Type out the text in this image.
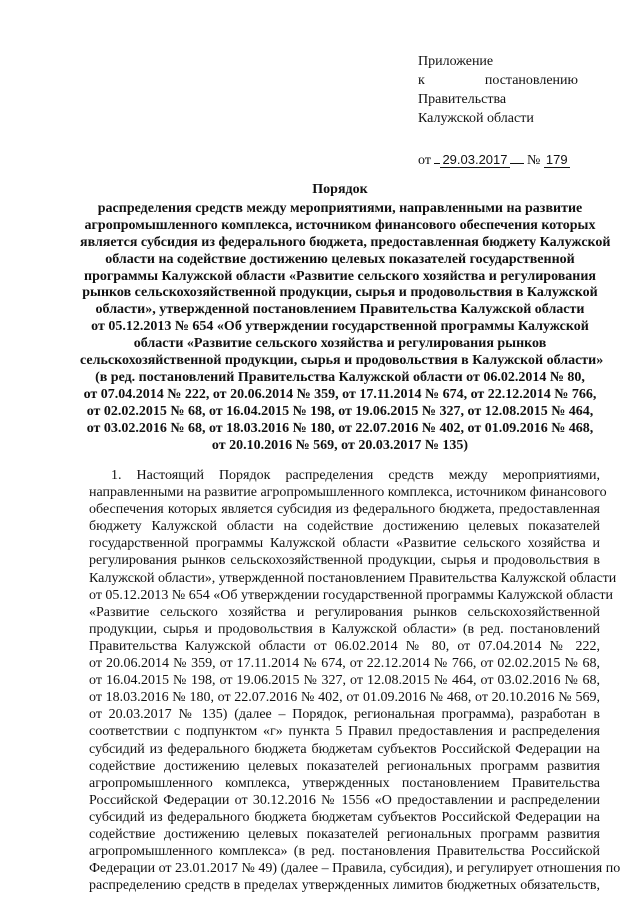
Приложение
к	постановлению
Правительства
Калужской области
от 29.03.2017 № 179
Порядок
распределения средств между мероприятиями, направленными на развитие
агропромышленного комплекса, источником финансового обеспечения которых
является субсидия из федерального бюджета, предоставленная бюджету Калужской
области на содействие достижению целевых показателей государственной
программы Калужской области «Развитие сельского хозяйства и регулирования
рынков сельскохозяйственной продукции, сырья и продовольствия в Калужской
области», утвержденной постановлением Правительства Калужской области
от 05.12.2013 № 654 «Об утверждении государственной программы Калужской
области «Развитие сельского хозяйства и регулирования рынков
сельскохозяйственной продукции, сырья и продовольствия в Калужской области»
(в ред. постановлений Правительства Калужской области от 06.02.2014 № 80,
от 07.04.2014 № 222, от 20.06.2014 № 359, от 17.11.2014 № 674, от 22.12.2014 № 766,
от 02.02.2015 № 68, от 16.04.2015 № 198, от 19.06.2015 № 327, от 12.08.2015 № 464,
от 03.02.2016 № 68, от 18.03.2016 № 180, от 22.07.2016 № 402, от 01.09.2016 № 468,
от 20.10.2016 № 569, от 20.03.2017 № 135)
1. Настоящий Порядок распределения средств между мероприятиями,
направленными на развитие агропромышленного комплекса, источником финансового
обеспечения которых является субсидия из федерального бюджета, предоставленная
бюджету Калужской области на содействие достижению целевых показателей
государственной программы Калужской области «Развитие сельского хозяйства и
регулирования рынков сельскохозяйственной продукции, сырья и продовольствия в
Калужской области», утвержденной постановлением Правительства Калужской области
от 05.12.2013 № 654 «Об утверждении государственной программы Калужской области
«Развитие сельского хозяйства и регулирования рынков сельскохозяйственной
продукции, сырья и продовольствия в Калужской области» (в ред. постановлений
Правительства Калужской области от 06.02.2014 № 80, от 07.04.2014 № 222,
от 20.06.2014 № 359, от 17.11.2014 № 674, от 22.12.2014 № 766, от 02.02.2015 № 68,
от 16.04.2015 № 198, от 19.06.2015 № 327, от 12.08.2015 № 464, от 03.02.2016 № 68,
от 18.03.2016 № 180, от 22.07.2016 № 402, от 01.09.2016 № 468, от 20.10.2016 № 569,
от 20.03.2017 № 135) (далее – Порядок, региональная программа), разработан в
соответствии с подпунктом «г» пункта 5 Правил предоставления и распределения
субсидий из федерального бюджета бюджетам субъектов Российской Федерации на
содействие достижению целевых показателей региональных программ развития
агропромышленного комплекса, утвержденных постановлением Правительства
Российской Федерации от 30.12.2016 № 1556 «О предоставлении и распределении
субсидий из федерального бюджета бюджетам субъектов Российской Федерации на
содействие достижению целевых показателей региональных программ развития
агропромышленного комплекса» (в ред. постановления Правительства Российской
Федерации от 23.01.2017 № 49) (далее – Правила, субсидия), и регулирует отношения по
распределению средств в пределах утвержденных лимитов бюджетных обязательств,
